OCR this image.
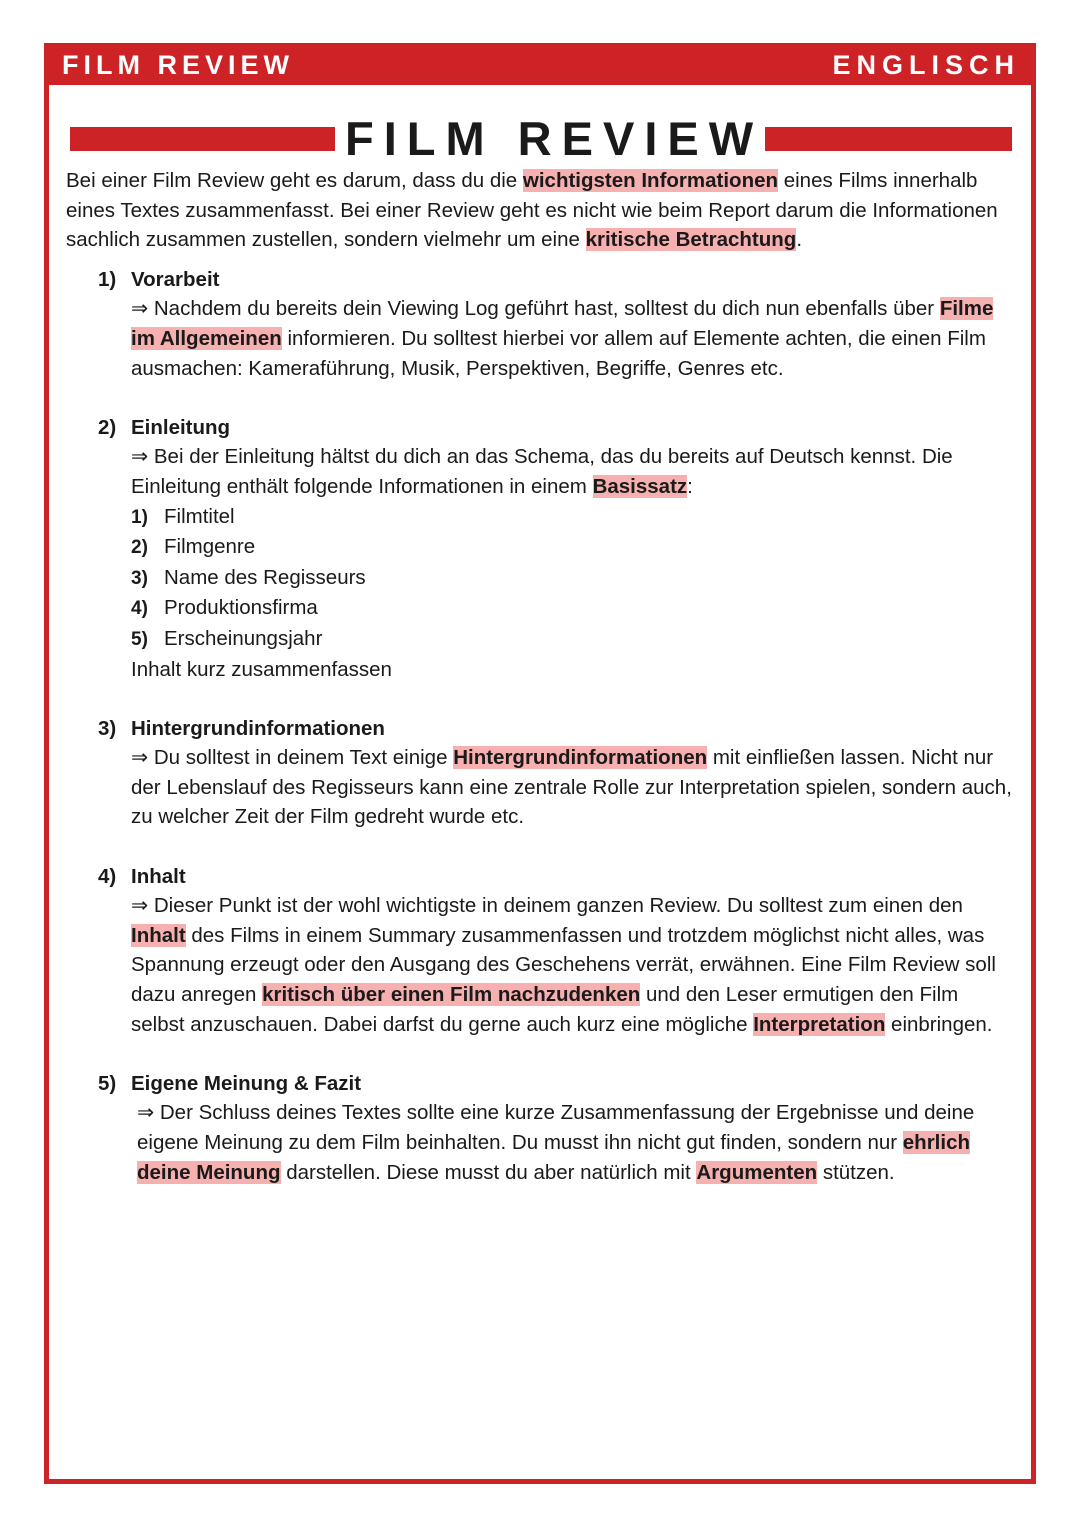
FILM REVIEW	ENGLISCH
FILM REVIEW

Bei einer Film Review geht es darum, dass du die wichtigsten Informationen eines Films innerhalb eines Textes zusammenfasst. Bei einer Review geht es nicht wie beim Report darum die Informationen sachlich zusammen zustellen, sondern vielmehr um eine kritische Betrachtung.

1) Vorarbeit

⇒ Nachdem du bereits dein Viewing Log geführt hast, solltest du dich nun ebenfalls über Filme im Allgemeinen informieren. Du solltest hierbei vor allem auf Elemente achten, die einen Film ausmachen: Kameraführung, Musik, Perspektiven, Begriffe, Genres etc.

2) Einleitung

⇒ Bei der Einleitung hältst du dich an das Schema, das du bereits auf Deutsch kennst. Die Einleitung enthält folgende Informationen in einem Basissatz:

1) Filmtitel
2) Filmgenre
3) Name des Regisseurs
4) Produktionsfirma
5) Erscheinungsjahr

Inhalt kurz zusammenfassen

3) Hintergrundinformationen

⇒ Du solltest in deinem Text einige Hintergrundinformationen mit einfließen lassen. Nicht nur der Lebenslauf des Regisseurs kann eine zentrale Rolle zur Interpretation spielen, sondern auch, zu welcher Zeit der Film gedreht wurde etc.

4) Inhalt

⇒ Dieser Punkt ist der wohl wichtigste in deinem ganzen Review. Du solltest zum einen den Inhalt des Films in einem Summary zusammenfassen und trotzdem möglichst nicht alles, was Spannung erzeugt oder den Ausgang des Geschehens verrät, erwähnen. Eine Film Review soll dazu anregen kritisch über einen Film nachzudenken und den Leser ermutigen den Film selbst anzuschauen. Dabei darfst du gerne auch kurz eine mögliche Interpretation einbringen.

5) Eigene Meinung & Fazit

⇒ Der Schluss deines Textes sollte eine kurze Zusammenfassung der Ergebnisse und deine eigene Meinung zu dem Film beinhalten. Du musst ihn nicht gut finden, sondern nur ehrlich deine Meinung darstellen. Diese musst du aber natürlich mit Argumenten stützen.
